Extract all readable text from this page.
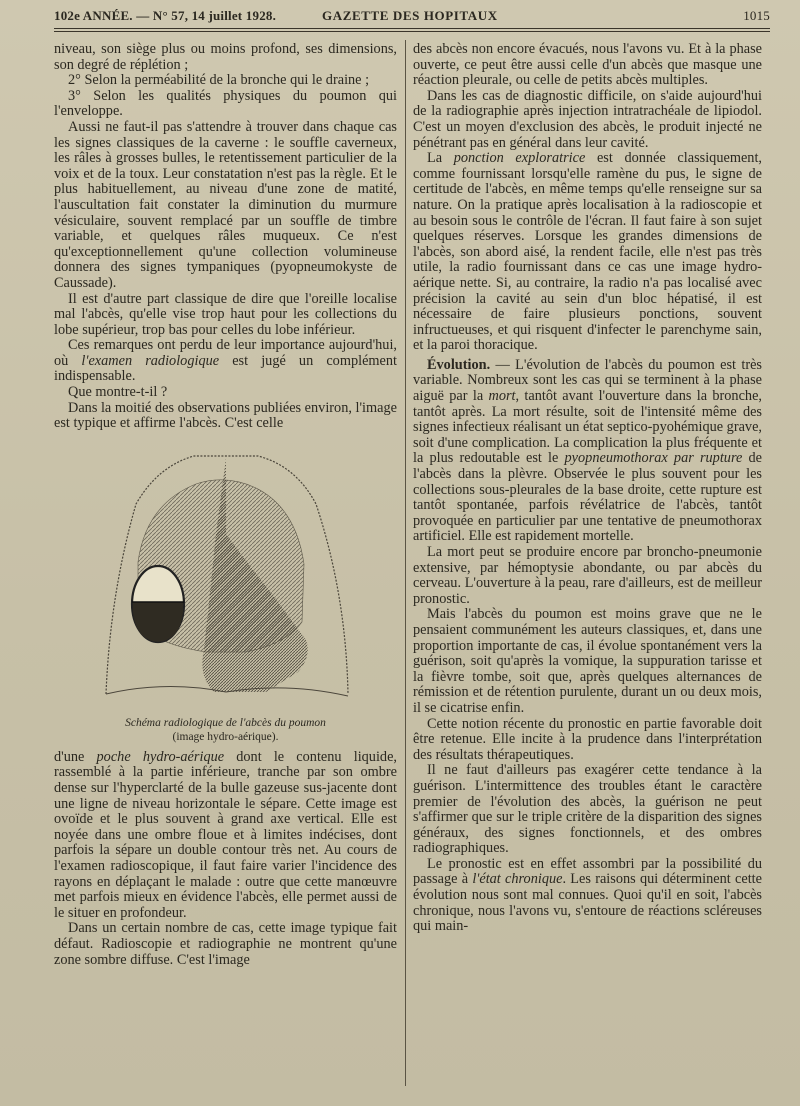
102e ANNÉE. — N° 57, 14 juillet 1928.	GAZETTE DES HOPITAUX	1015

niveau, son siège plus ou moins profond, ses dimensions, son degré de réplétion ;

2° Selon la perméabilité de la bronche qui le draine ;

3° Selon les qualités physiques du poumon qui l'enveloppe.

Aussi ne faut-il pas s'attendre à trouver dans chaque cas les signes classiques de la caverne : le souffle caverneux, les râles à grosses bulles, le retentissement particulier de la voix et de la toux. Leur constatation n'est pas la règle. Et le plus habituellement, au niveau d'une zone de matité, l'auscultation fait constater la diminution du murmure vésiculaire, souvent remplacé par un souffle de timbre variable, et quelques râles muqueux. Ce n'est qu'exceptionnellement qu'une collection volumineuse donnera des signes tympaniques (pyopneumokyste de Caussade).

Il est d'autre part classique de dire que l'oreille localise mal l'abcès, qu'elle vise trop haut pour les collections du lobe supérieur, trop bas pour celles du lobe inférieur.

Ces remarques ont perdu de leur importance aujourd'hui, où l'examen radiologique est jugé un complément indispensable.

Que montre-t-il ?

Dans la moitié des observations publiées environ, l'image est typique et affirme l'abcès. C'est celle

Schéma radiologique de l'abcès du poumon
(image hydro-aérique).

d'une poche hydro-aérique dont le contenu liquide, rassemblé à la partie inférieure, tranche par son ombre dense sur l'hyperclarté de la bulle gazeuse sus-jacente dont une ligne de niveau horizontale le sépare. Cette image est ovoïde et le plus souvent à grand axe vertical. Elle est noyée dans une ombre floue et à limites indécises, dont parfois la sépare un double contour très net. Au cours de l'examen radioscopique, il faut faire varier l'incidence des rayons en déplaçant le malade : outre que cette manœuvre met parfois mieux en évidence l'abcès, elle permet aussi de le situer en profondeur.

Dans un certain nombre de cas, cette image typique fait défaut. Radioscopie et radiographie ne montrent qu'une zone sombre diffuse. C'est l'image

des abcès non encore évacués, nous l'avons vu. Et à la phase ouverte, ce peut être aussi celle d'un abcès que masque une réaction pleurale, ou celle de petits abcès multiples.

Dans les cas de diagnostic difficile, on s'aide aujourd'hui de la radiographie après injection intratrachéale de lipiodol. C'est un moyen d'exclusion des abcès, le produit injecté ne pénétrant pas en général dans leur cavité.

La ponction exploratrice est donnée classiquement, comme fournissant lorsqu'elle ramène du pus, le signe de certitude de l'abcès, en même temps qu'elle renseigne sur sa nature. On la pratique après localisation à la radioscopie et au besoin sous le contrôle de l'écran. Il faut faire à son sujet quelques réserves. Lorsque les grandes dimensions de l'abcès, son abord aisé, la rendent facile, elle n'est pas très utile, la radio fournissant dans ce cas une image hydro-aérique nette. Si, au contraire, la radio n'a pas localisé avec précision la cavité au sein d'un bloc hépatisé, il est nécessaire de faire plusieurs ponctions, souvent infructueuses, et qui risquent d'infecter le parenchyme sain, et la paroi thoracique.

Évolution. — L'évolution de l'abcès du poumon est très variable. Nombreux sont les cas qui se terminent à la phase aiguë par la mort, tantôt avant l'ouverture dans la bronche, tantôt après. La mort résulte, soit de l'intensité même des signes infectieux réalisant un état septico-pyohémique grave, soit d'une complication. La complication la plus fréquente et la plus redoutable est le pyopneumothorax par rupture de l'abcès dans la plèvre. Observée le plus souvent pour les collections sous-pleurales de la base droite, cette rupture est tantôt spontanée, parfois révélatrice de l'abcès, tantôt provoquée en particulier par une tentative de pneumothorax artificiel. Elle est rapidement mortelle.

La mort peut se produire encore par broncho-pneumonie extensive, par hémoptysie abondante, ou par abcès du cerveau. L'ouverture à la peau, rare d'ailleurs, est de meilleur pronostic.

Mais l'abcès du poumon est moins grave que ne le pensaient communément les auteurs classiques, et, dans une proportion importante de cas, il évolue spontanément vers la guérison, soit qu'après la vomique, la suppuration tarisse et la fièvre tombe, soit que, après quelques alternances de rémission et de rétention purulente, durant un ou deux mois, il se cicatrise enfin.

Cette notion récente du pronostic en partie favorable doit être retenue. Elle incite à la prudence dans l'interprétation des résultats thérapeutiques.

Il ne faut d'ailleurs pas exagérer cette tendance à la guérison. L'intermittence des troubles étant le caractère premier de l'évolution des abcès, la guérison ne peut s'affirmer que sur le triple critère de la disparition des signes généraux, des signes fonctionnels, et des ombres radiographiques.

Le pronostic est en effet assombri par la possibilité du passage à l'état chronique. Les raisons qui déterminent cette évolution nous sont mal connues. Quoi qu'il en soit, l'abcès chronique, nous l'avons vu, s'entoure de réactions scléreuses qui main-
